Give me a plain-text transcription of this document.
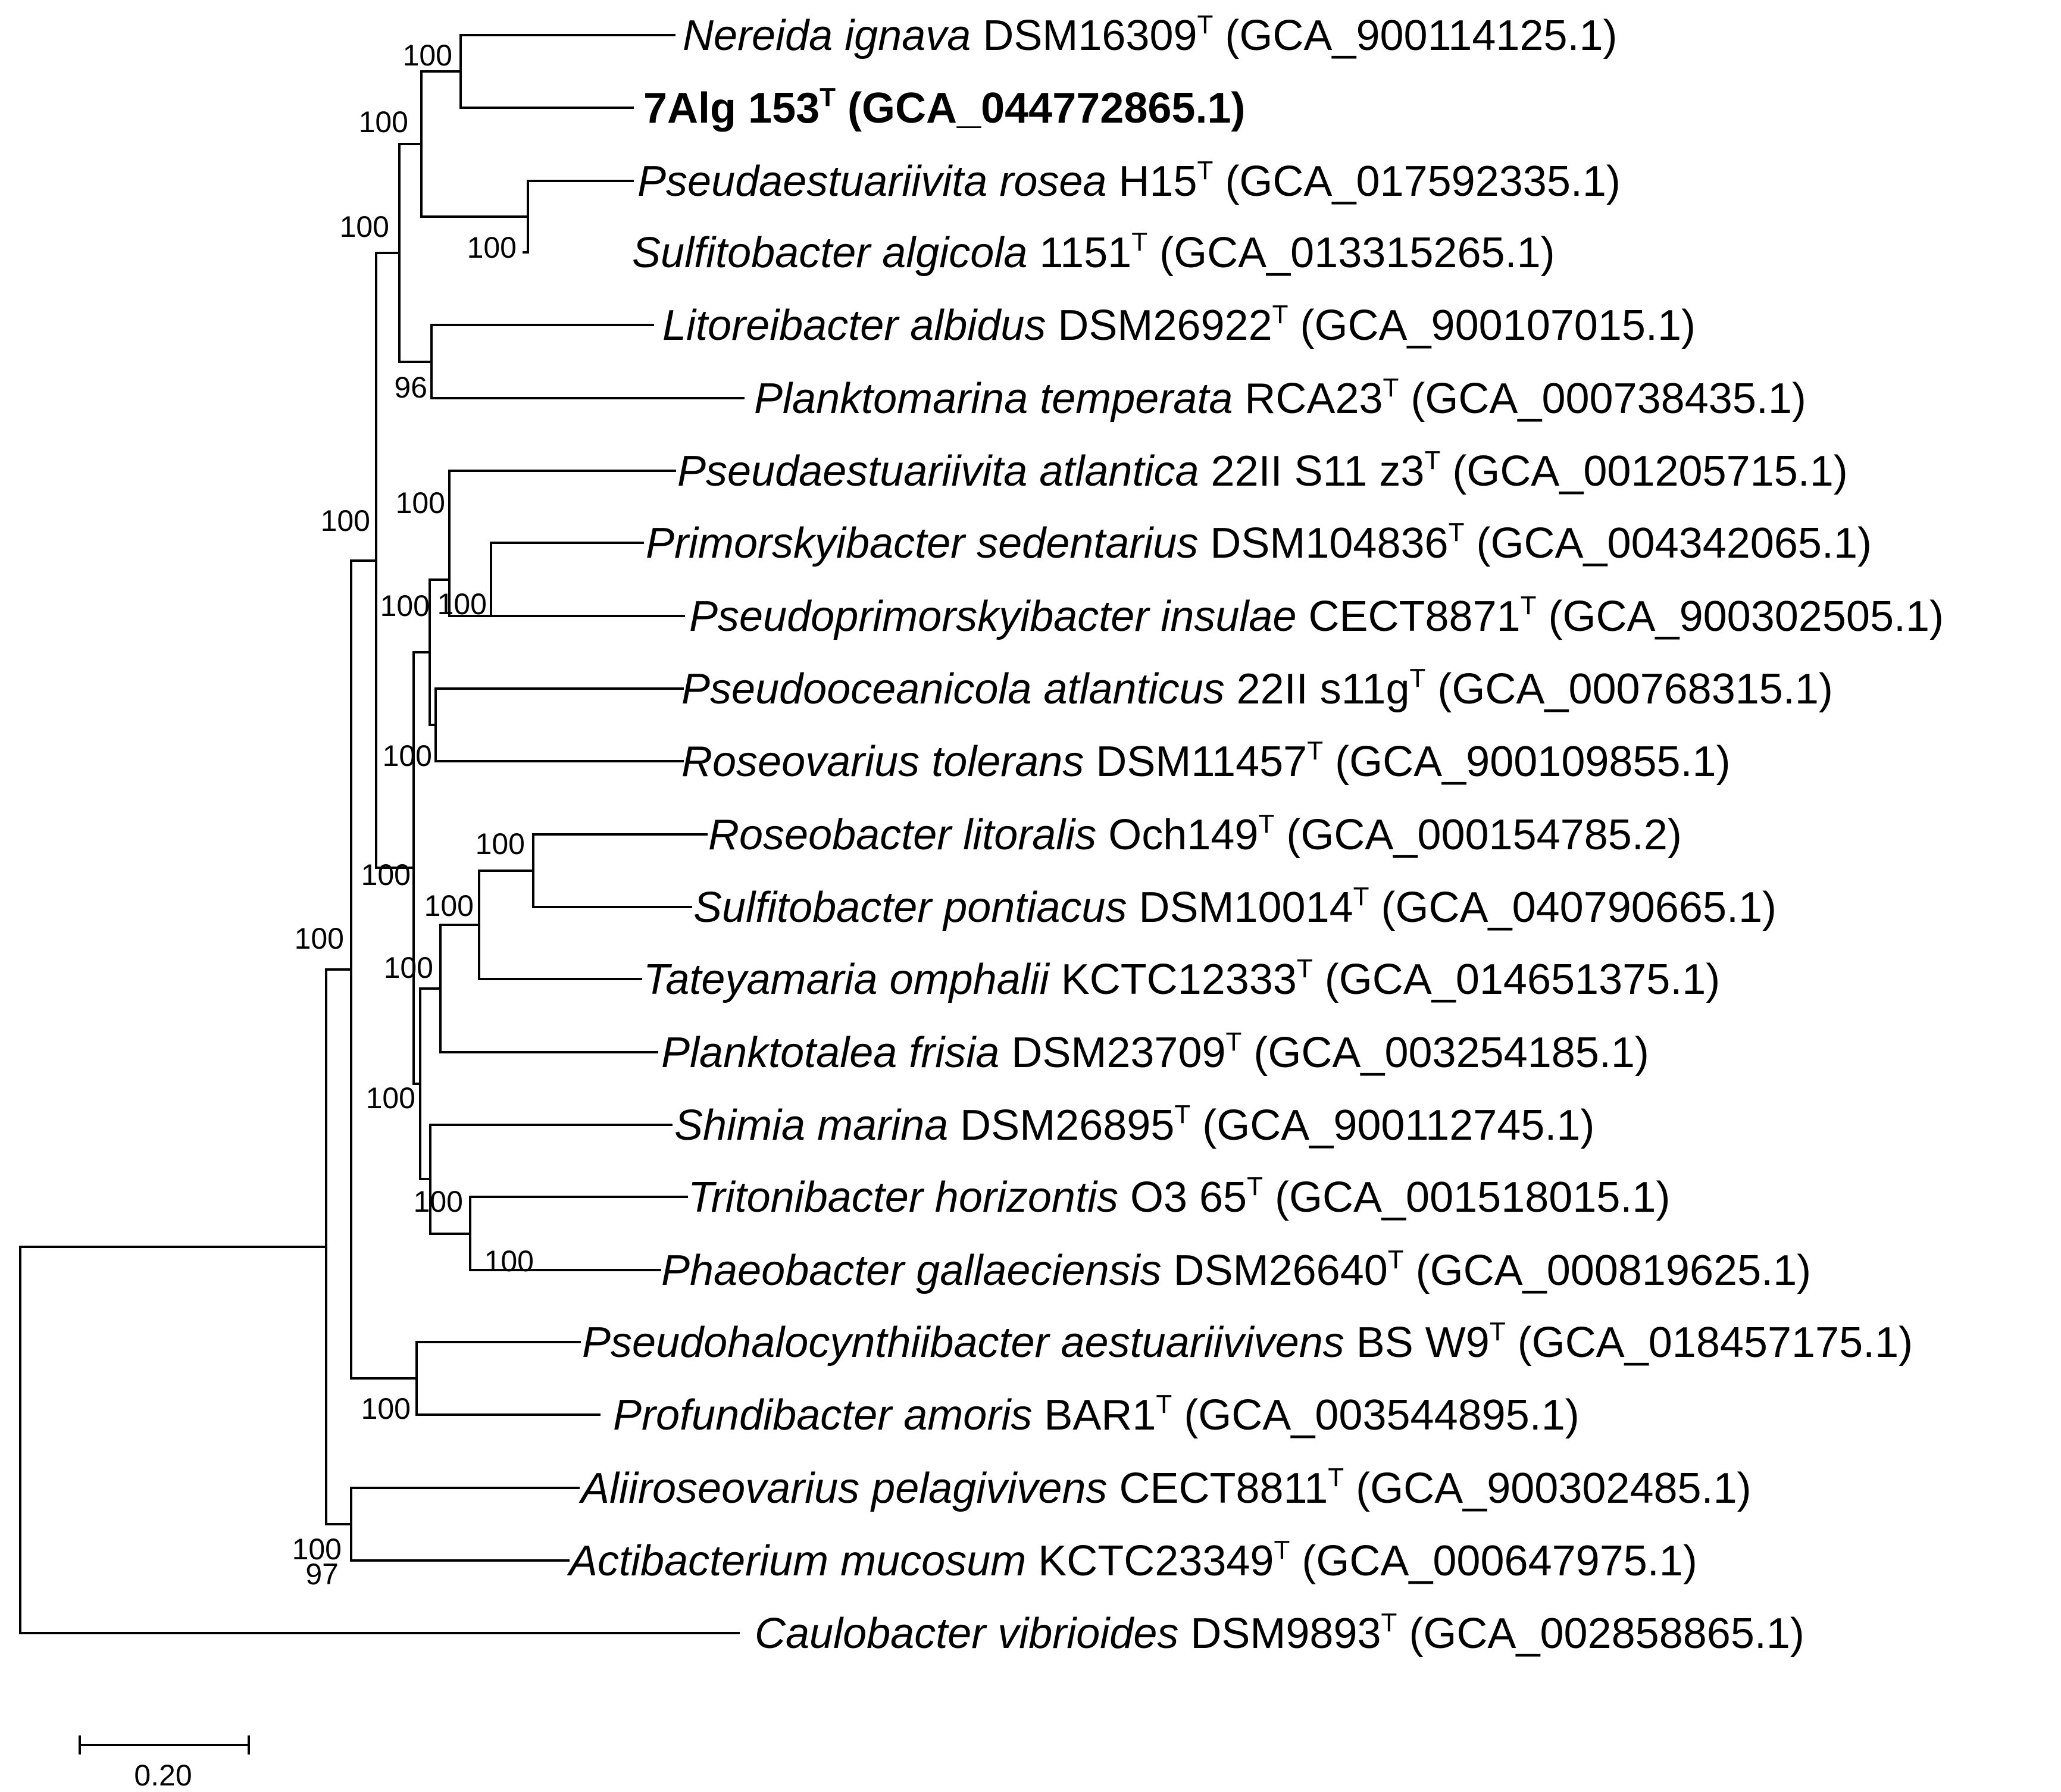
100
100
100
100
96
100
100
100
100
100
100
100
100
100
100
100
100
100
100
100
97
Nereida ignava $DSM16309^T$ (GCA_900114125.1)
7Alg $153^T$ (GCA_044772865.1)
Pseudaestuariivita rosea $H15^T$ (GCA_017592335.1)
Sulfitobacter algicola $1151^T$ (GCA_013315265.1)
Litoreibacter albidus $DSM26922^T$ (GCA_900107015.1)
Planktomarina temperata $RCA23^T$ (GCA_000738435.1)
Pseudaestuariivita atlantica 22II S11 $z3^T$ (GCA_001205715.1)
Primorskyibacter sedentarius $DSM104836^T$ (GCA_004342065.1)
Pseudoprimorskyibacter insulae $CECT8871^T$ (GCA_900302505.1)
Pseudooceanicola atlanticus 22II $s11g^T$ (GCA_000768315.1)
Roseovarius tolerans $DSM11457^T$ (GCA_900109855.1)
Roseobacter litoralis $Och149^T$ (GCA_000154785.2)
Sulfitobacter pontiacus $DSM10014^T$ (GCA_040790665.1)
Tateyamaria omphalii $KCTC12333^T$ (GCA_014651375.1)
Planktotalea frisia $DSM23709^T$ (GCA_003254185.1)
Shimia marina $DSM26895^T$ (GCA_900112745.1)
Tritonibacter horizontis O3 $65^T$ (GCA_001518015.1)
Phaeobacter gallaeciensis $DSM26640^T$ (GCA_000819625.1)
Pseudohalocynthiibacter aestuariivivens BS $W9^T$ (GCA_018457175.1)
Profundibacter amoris $BAR1^T$ (GCA_003544895.1)
Aliiroseovarius pelagivivens $CECT8811^T$ (GCA_900302485.1)
Actibacterium mucosum $KCTC23349^T$ (GCA_000647975.1)
Caulobacter vibrioides $DSM9893^T$ (GCA_002858865.1)
0.20
